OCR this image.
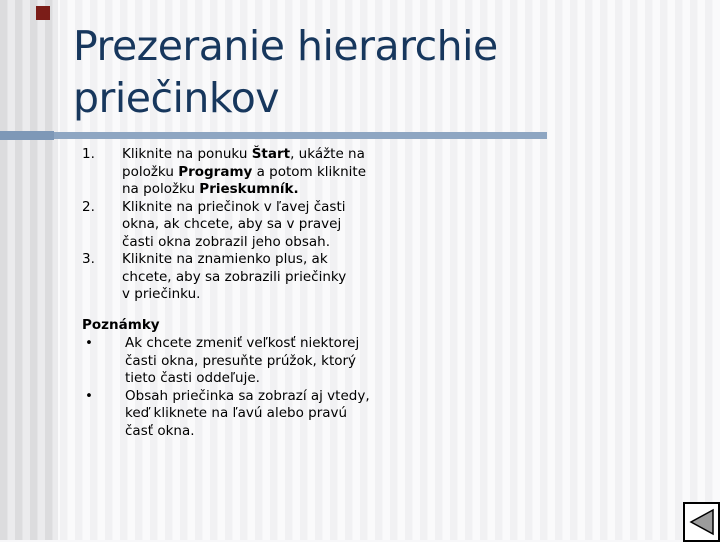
Prezeranie hierarchie
priečinkov
1.	Kliknite na ponuku Štart, ukážte na
položku Programy a potom kliknite
na položku Prieskumník.
2.	Kliknite na priečinok v ľavej časti
okna, ak chcete, aby sa v pravej
časti okna zobrazil jeho obsah.
3.	Kliknite na znamienko plus, ak
chcete, aby sa zobrazili priečinky
v priečinku.
Poznámky
•	Ak chcete zmeniť veľkosť niektorej
časti okna, presuňte prúžok, ktorý
tieto časti oddeľuje.
•	Obsah priečinka sa zobrazí aj vtedy,
keď kliknete na ľavú alebo pravú
časť okna.
